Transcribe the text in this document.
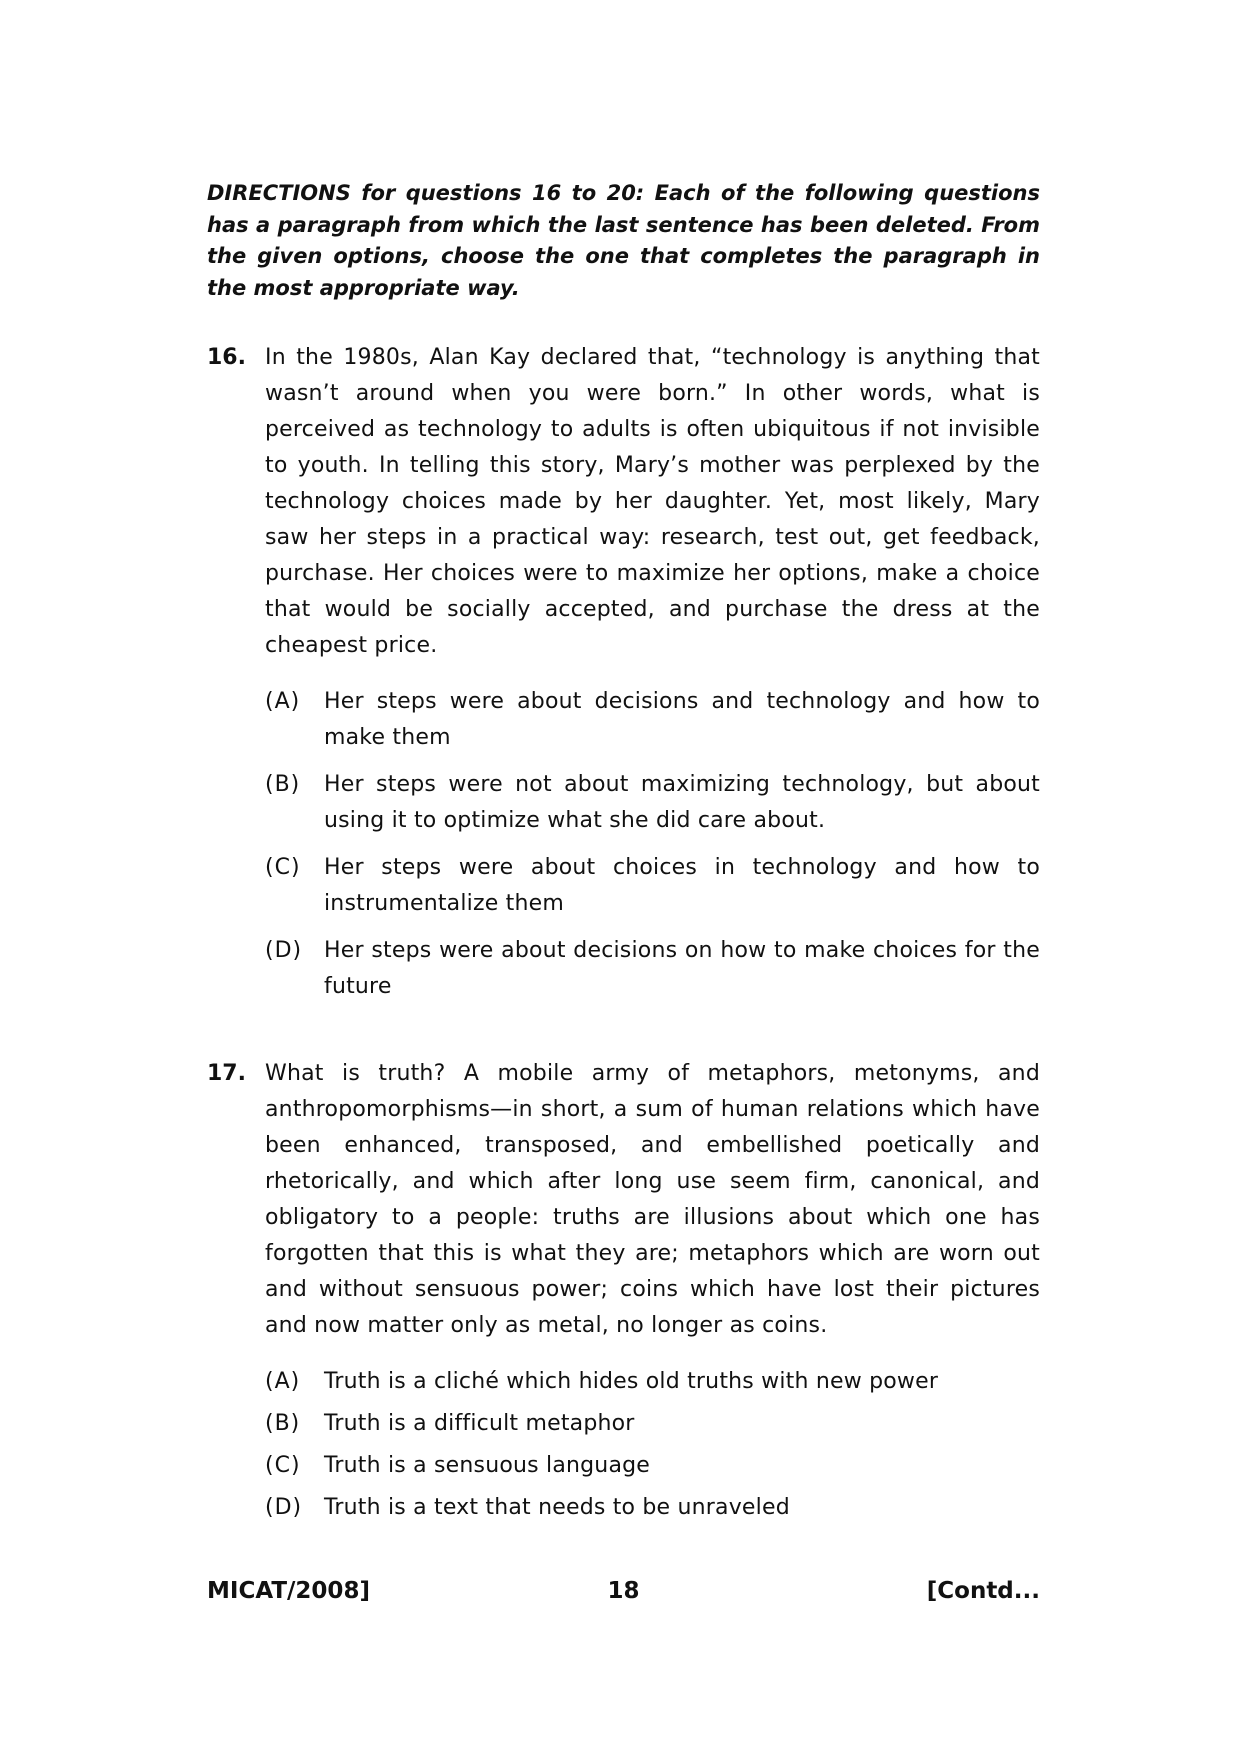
DIRECTIONS for questions 16 to 20: Each of the following questions has a paragraph from which the last sentence has been deleted. From the given options, choose the one that completes the paragraph in the most appropriate way.

16. In the 1980s, Alan Kay declared that, “technology is anything that wasn’t around when you were born.” In other words, what is perceived as technology to adults is often ubiquitous if not invisible to youth. In telling this story, Mary’s mother was perplexed by the technology choices made by her daughter. Yet, most likely, Mary saw her steps in a practical way: research, test out, get feedback, purchase. Her choices were to maximize her options, make a choice that would be socially accepted, and purchase the dress at the cheapest price.

(A)	Her steps were about decisions and technology and how to make them
(B)	Her steps were not about maximizing technology, but about using it to optimize what she did care about.
(C)	Her steps were about choices in technology and how to instrumentalize them
(D) Her steps were about decisions on how to make choices for the future
17. What is truth? A mobile army of metaphors, metonyms, and anthropomorphisms—in short, a sum of human relations which have been enhanced, transposed, and embellished poetically and rhetorically, and which after long use seem firm, canonical, and obligatory to a people: truths are illusions about which one has forgotten that this is what they are; metaphors which are worn out and without sensuous power; coins which have lost their pictures and now matter only as metal, no longer as coins.

(A)	Truth is a cliché which hides old truths with new power
(B)	Truth is a difficult metaphor
(C)	Truth is a sensuous language
(D) Truth is a text that needs to be unraveled
MICAT/2008]	18	[Contd...
